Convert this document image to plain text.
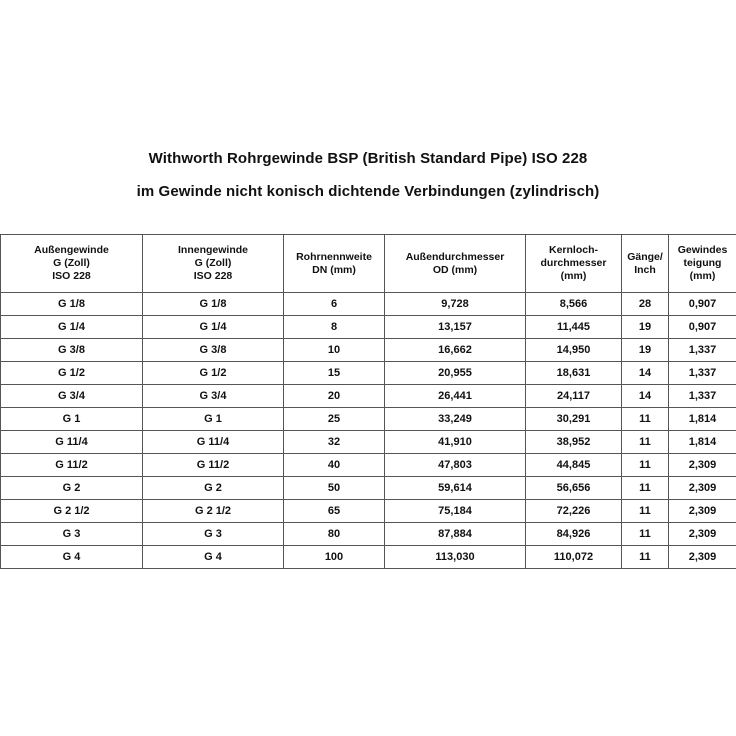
Withworth Rohrgewinde BSP (British Standard Pipe) ISO 228
im Gewinde nicht konisch dichtende Verbindungen (zylindrisch)
Außengewinde
G (Zoll)
ISO 228	Innengewinde
G (Zoll)
ISO 228	Rohrnennweite
DN (mm)	Außendurchmesser
OD (mm)	Kernloch-
durchmesser
(mm)	Gänge/
Inch	Gewindes
teigung
(mm)

G 1/8	G 1/8	6	9,728	8,566	28	0,907
G 1/4	G 1/4	8	13,157	11,445	19	0,907
G 3/8	G 3/8	10	16,662	14,950	19	1,337
G 1/2	G 1/2	15	20,955	18,631	14	1,337
G 3/4	G 3/4	20	26,441	24,117	14	1,337
G 1	G 1	25	33,249	30,291	11	1,814
G 11/4	G 11/4	32	41,910	38,952	11	1,814
G 11/2	G 11/2	40	47,803	44,845	11	2,309
G 2	G 2	50	59,614	56,656	11	2,309
G 2 1/2	G 2 1/2	65	75,184	72,226	11	2,309
G 3	G 3	80	87,884	84,926	11	2,309
G 4	G 4	100	113,030	110,072	11	2,309
